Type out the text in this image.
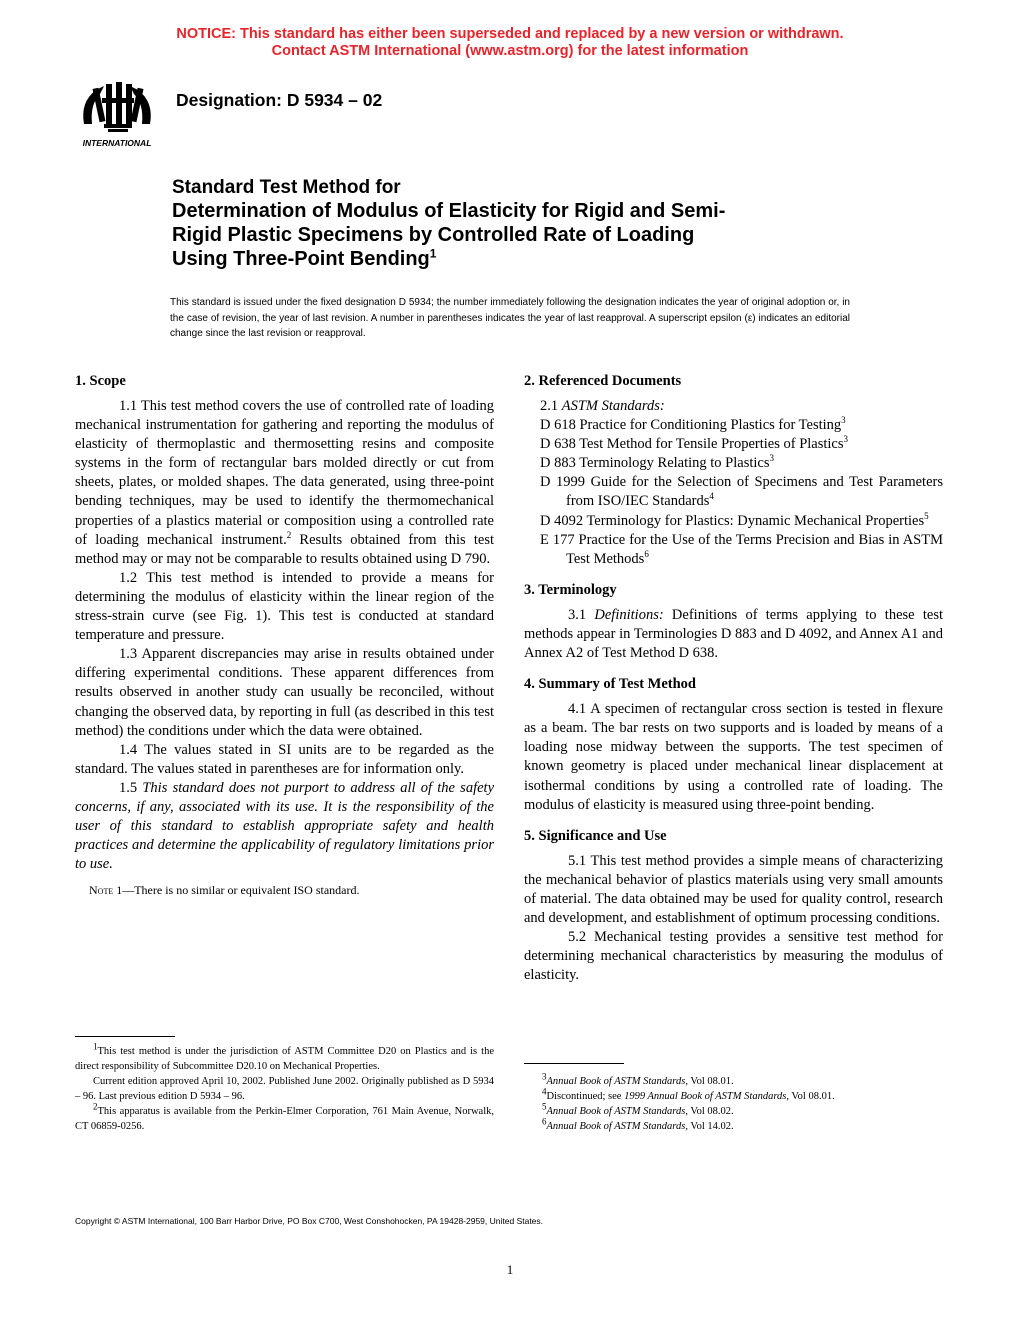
NOTICE: This standard has either been superseded and replaced by a new version or withdrawn.
Contact ASTM International (www.astm.org) for the latest information
INTERNATIONAL
Designation: D 5934 – 02
Standard Test Method for
Determination of Modulus of Elasticity for Rigid and Semi-
Rigid Plastic Specimens by Controlled Rate of Loading
Using Three-Point Bending$^1$
This standard is issued under the fixed designation D 5934; the number immediately following the designation indicates the year of original adoption or, in the case of revision, the year of last revision. A number in parentheses indicates the year of last reapproval. A superscript epsilon (ε) indicates an editorial change since the last revision or reapproval.
1. Scope

1.1 This test method covers the use of controlled rate of loading mechanical instrumentation for gathering and reporting the modulus of elasticity of thermoplastic and thermosetting resins and composite systems in the form of rectangular bars molded directly or cut from sheets, plates, or molded shapes. The data generated, using three-point bending techniques, may be used to identify the thermomechanical properties of a plastics material or composition using a controlled rate of loading mechanical instrument.$^2$ Results obtained from this test method may or may not be comparable to results obtained using D 790.

1.2 This test method is intended to provide a means for determining the modulus of elasticity within the linear region of the stress-strain curve (see Fig. 1). This test is conducted at standard temperature and pressure.

1.3 Apparent discrepancies may arise in results obtained under differing experimental conditions. These apparent differences from results observed in another study can usually be reconciled, without changing the observed data, by reporting in full (as described in this test method) the conditions under which the data were obtained.

1.4 The values stated in SI units are to be regarded as the standard. The values stated in parentheses are for information only.

1.5 This standard does not purport to address all of the safety concerns, if any, associated with its use. It is the responsibility of the user of this standard to establish appropriate safety and health practices and determine the applicability of regulatory limitations prior to use.

Note 1—There is no similar or equivalent ISO standard.

$^1$This test method is under the jurisdiction of ASTM Committee D20 on Plastics and is the direct responsibility of Subcommittee D20.10 on Mechanical Properties.

Current edition approved April 10, 2002. Published June 2002. Originally published as D 5934 – 96. Last previous edition D 5934 – 96.

$^2$This apparatus is available from the Perkin-Elmer Corporation, 761 Main Avenue, Norwalk, CT 06859-0256.

2. Referenced Documents

2.1 ASTM Standards:

D 618 Practice for Conditioning Plastics for Testing$^3$

D 638 Test Method for Tensile Properties of Plastics$^3$

D 883 Terminology Relating to Plastics$^3$

D 1999 Guide for the Selection of Specimens and Test Parameters from ISO/IEC Standards$^4$

D 4092 Terminology for Plastics: Dynamic Mechanical Properties$^5$

E 177 Practice for the Use of the Terms Precision and Bias in ASTM Test Methods$^6$

3. Terminology

3.1 Definitions: Definitions of terms applying to these test methods appear in Terminologies D 883 and D 4092, and Annex A1 and Annex A2 of Test Method D 638.

4. Summary of Test Method

4.1 A specimen of rectangular cross section is tested in flexure as a beam. The bar rests on two supports and is loaded by means of a loading nose midway between the supports. The test specimen of known geometry is placed under mechanical linear displacement at isothermal conditions by using a controlled rate of loading. The modulus of elasticity is measured using three-point bending.

5. Significance and Use

5.1 This test method provides a simple means of characterizing the mechanical behavior of plastics materials using very small amounts of material. The data obtained may be used for quality control, research and development, and establishment of optimum processing conditions.

5.2 Mechanical testing provides a sensitive test method for determining mechanical characteristics by measuring the modulus of elasticity.

$^3$Annual Book of ASTM Standards, Vol 08.01.

$^4$Discontinued; see 1999 Annual Book of ASTM Standards, Vol 08.01.

$^5$Annual Book of ASTM Standards, Vol 08.02.

$^6$Annual Book of ASTM Standards, Vol 14.02.

Copyright © ASTM International, 100 Barr Harbor Drive, PO Box C700, West Conshohocken, PA 19428-2959, United States.
1
